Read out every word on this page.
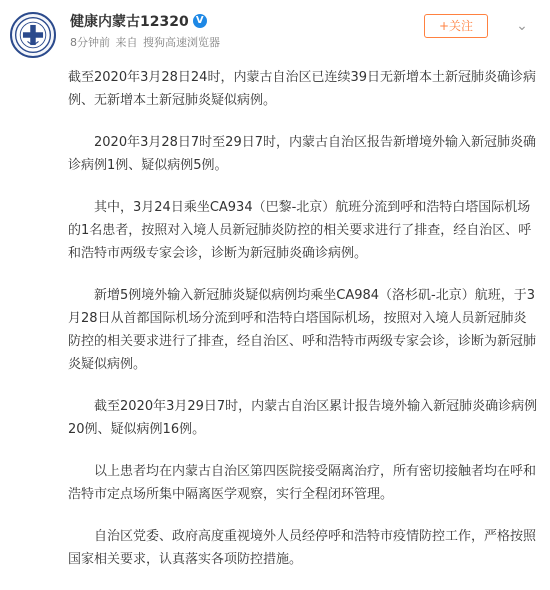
健康内蒙古12320 V
8分钟前 来自 搜狗高速浏览器
+关注	⌄

截至2020年3月28日24时，内蒙古自治区已连续39日无新增本土新冠肺炎确诊病例、无新增本土新冠肺炎疑似病例。

2020年3月28日7时至29日7时，内蒙古自治区报告新增境外输入新冠肺炎确诊病例1例、疑似病例5例。

其中，3月24日乘坐CA934（巴黎-北京）航班分流到呼和浩特白塔国际机场的1名患者，按照对入境人员新冠肺炎防控的相关要求进行了排查，经自治区、呼和浩特市两级专家会诊，诊断为新冠肺炎确诊病例。

新增5例境外输入新冠肺炎疑似病例均乘坐CA984（洛杉矶-北京）航班，于3月28日从首都国际机场分流到呼和浩特白塔国际机场，按照对入境人员新冠肺炎防控的相关要求进行了排查，经自治区、呼和浩特市两级专家会诊，诊断为新冠肺炎疑似病例。

截至2020年3月29日7时，内蒙古自治区累计报告境外输入新冠肺炎确诊病例20例、疑似病例16例。

以上患者均在内蒙古自治区第四医院接受隔离治疗，所有密切接触者均在呼和浩特市定点场所集中隔离医学观察，实行全程闭环管理。

自治区党委、政府高度重视境外人员经停呼和浩特市疫情防控工作，严格按照国家相关要求，认真落实各项防控措施。
